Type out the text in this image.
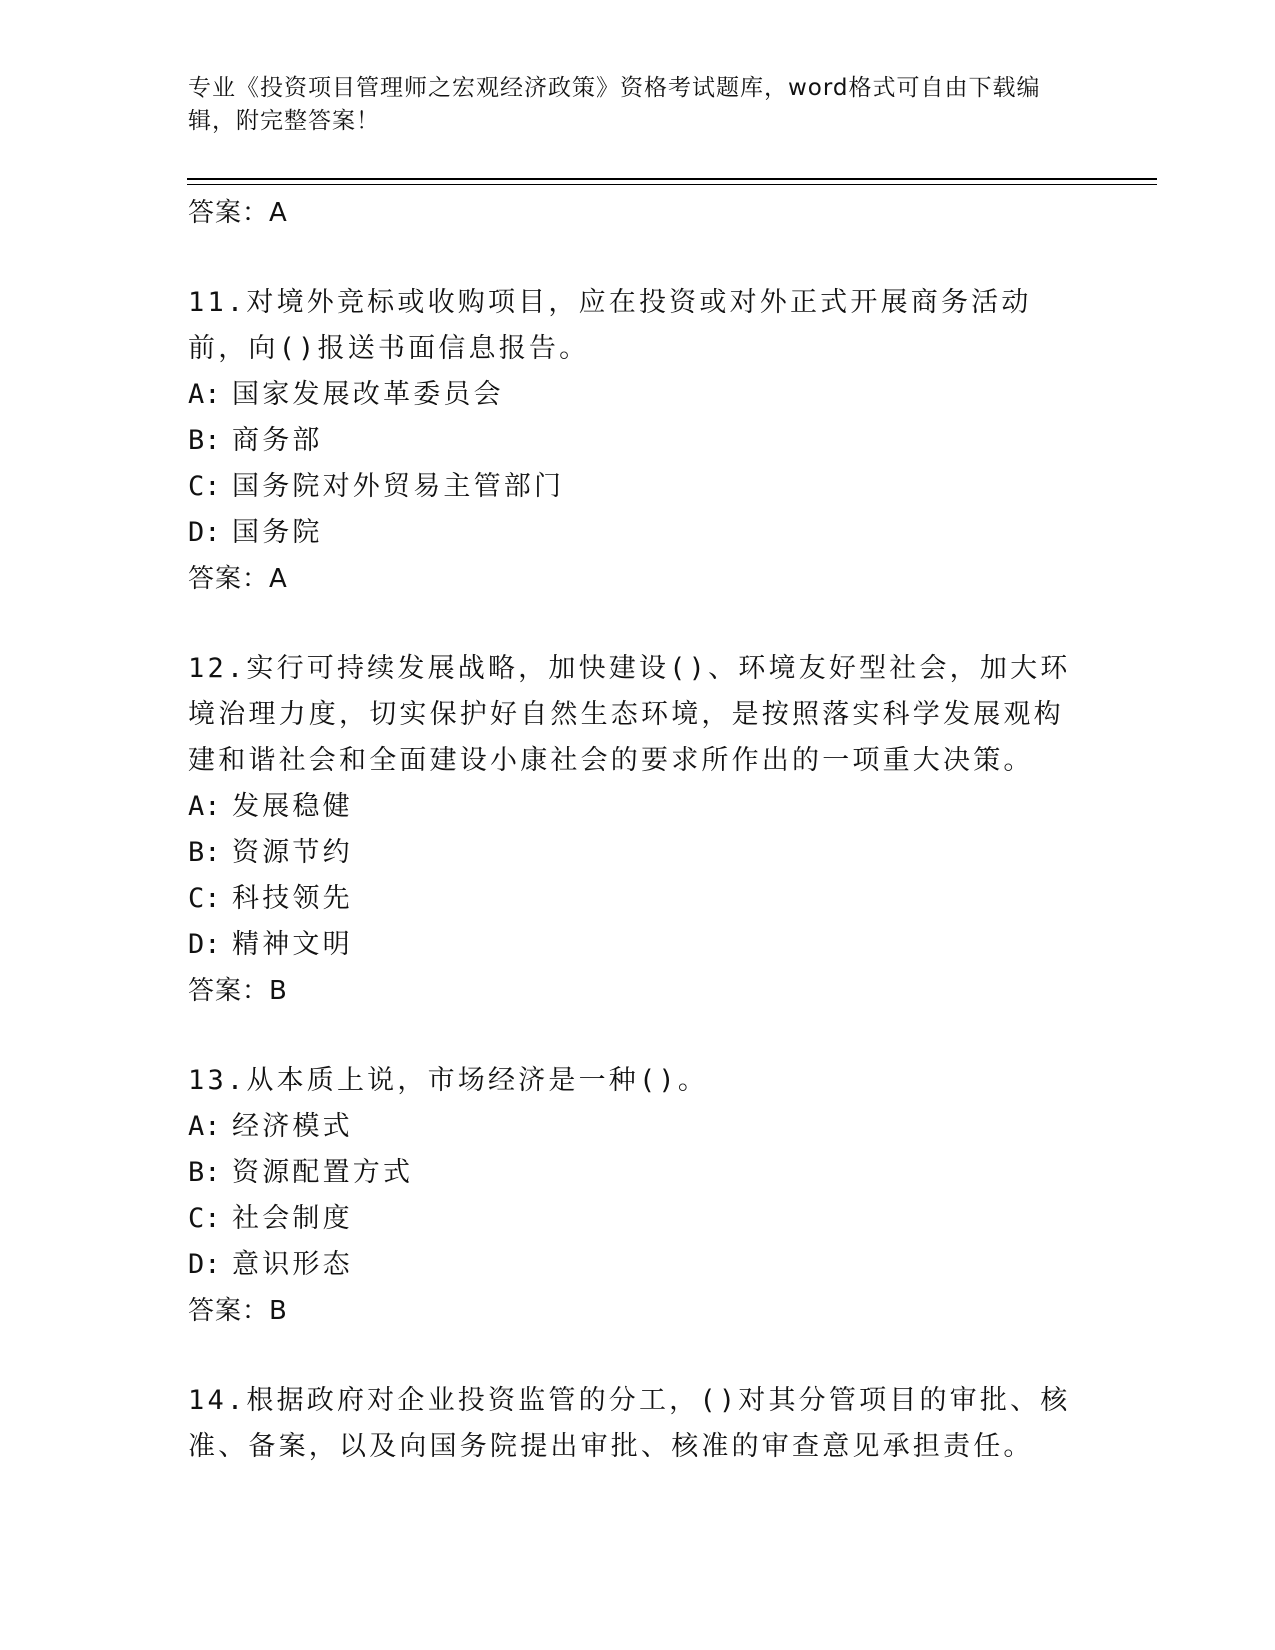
专业《投资项目管理师之宏观经济政策》资格考试题库，word格式可自由下载编
辑，附完整答案！
答案：A
11.对境外竞标或收购项目，应在投资或对外正式开展商务活动前，向()报送书面信息报告。
A: 国家发展改革委员会
B: 商务部
C: 国务院对外贸易主管部门
D: 国务院
答案：A
12.实行可持续发展战略，加快建设()、环境友好型社会，加大环境治理力度，切实保护好自然生态环境，是按照落实科学发展观构建和谐社会和全面建设小康社会的要求所作出的一项重大决策。
A: 发展稳健
B: 资源节约
C: 科技领先
D: 精神文明
答案：B
13.从本质上说，市场经济是一种()。
A: 经济模式
B: 资源配置方式
C: 社会制度
D: 意识形态
答案：B
14.根据政府对企业投资监管的分工，()对其分管项目的审批、核准、备案，以及向国务院提出审批、核准的审查意见承担责任。
